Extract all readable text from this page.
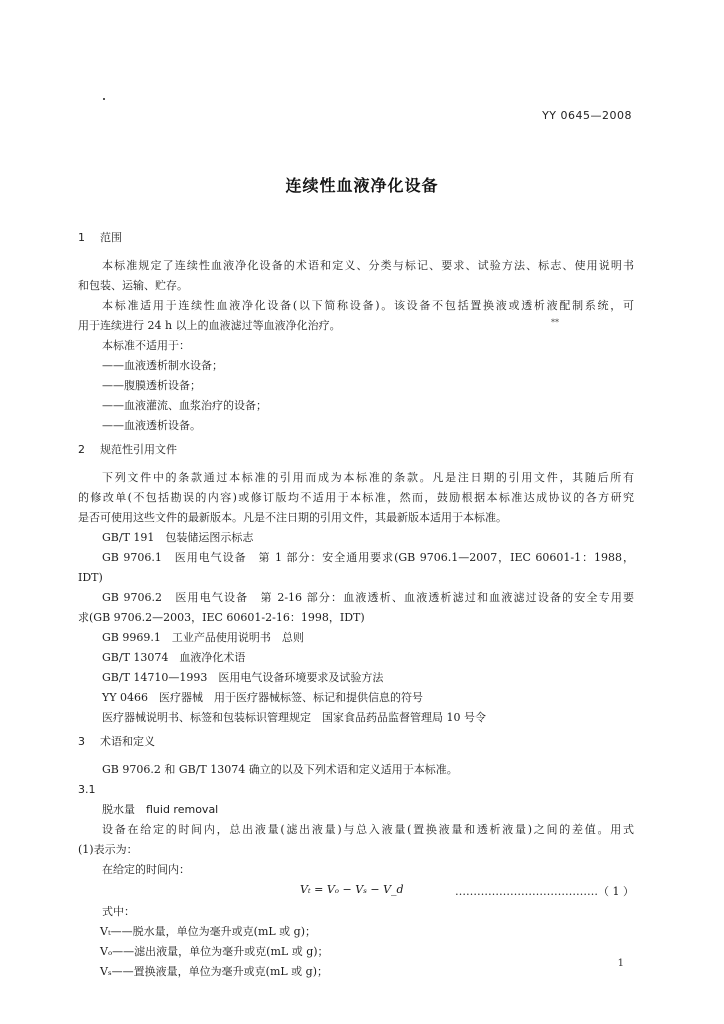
YY 0645—2008
连续性血液净化设备
**
1 范围
本标准规定了连续性血液净化设备的术语和定义、分类与标记、要求、试验方法、标志、使用说明书
和包装、运输、贮存。
本标准适用于连续性血液净化设备(以下简称设备)。该设备不包括置换液或透析液配制系统，可
用于连续进行 24 h 以上的血液滤过等血液净化治疗。
本标准不适用于：
——血液透析制水设备；
——腹膜透析设备；
——血液灌流、血浆治疗的设备；
——血液透析设备。
2 规范性引用文件
下列文件中的条款通过本标准的引用而成为本标准的条款。凡是注日期的引用文件，其随后所有
的修改单(不包括勘误的内容)或修订版均不适用于本标准，然而，鼓励根据本标准达成协议的各方研究
是否可使用这些文件的最新版本。凡是不注日期的引用文件，其最新版本适用于本标准。
GB/T 191　包装储运图示标志
GB 9706.1　医用电气设备　第 1 部分：安全通用要求(GB 9706.1—2007，IEC 60601-1：1988，
IDT)
GB 9706.2　医用电气设备　第 2-16 部分：血液透析、血液透析滤过和血液滤过设备的安全专用要
求(GB 9706.2—2003，IEC 60601-2-16：1998，IDT)
GB 9969.1　工业产品使用说明书　总则
GB/T 13074　血液净化术语
GB/T 14710—1993　医用电气设备环境要求及试验方法
YY 0466　医疗器械　用于医疗器械标签、标记和提供信息的符号
医疗器械说明书、标签和包装标识管理规定　国家食品药品监督管理局 10 号令
3 术语和定义
GB 9706.2 和 GB/T 13074 确立的以及下列术语和定义适用于本标准。
3.1
脱水量　fluid removal
设备在给定的时间内，总出液量(滤出液量)与总入液量(置换液量和透析液量)之间的差值。用式
(1)表示为：
在给定的时间内：
Vₜ = Vₒ − Vₛ − V_d	…………………………………（ 1 ）
式中：
Vₜ——脱水量，单位为毫升或克(mL 或 g)；
Vₒ——滤出液量，单位为毫升或克(mL 或 g)；
Vₛ——置换液量，单位为毫升或克(mL 或 g)；
1
